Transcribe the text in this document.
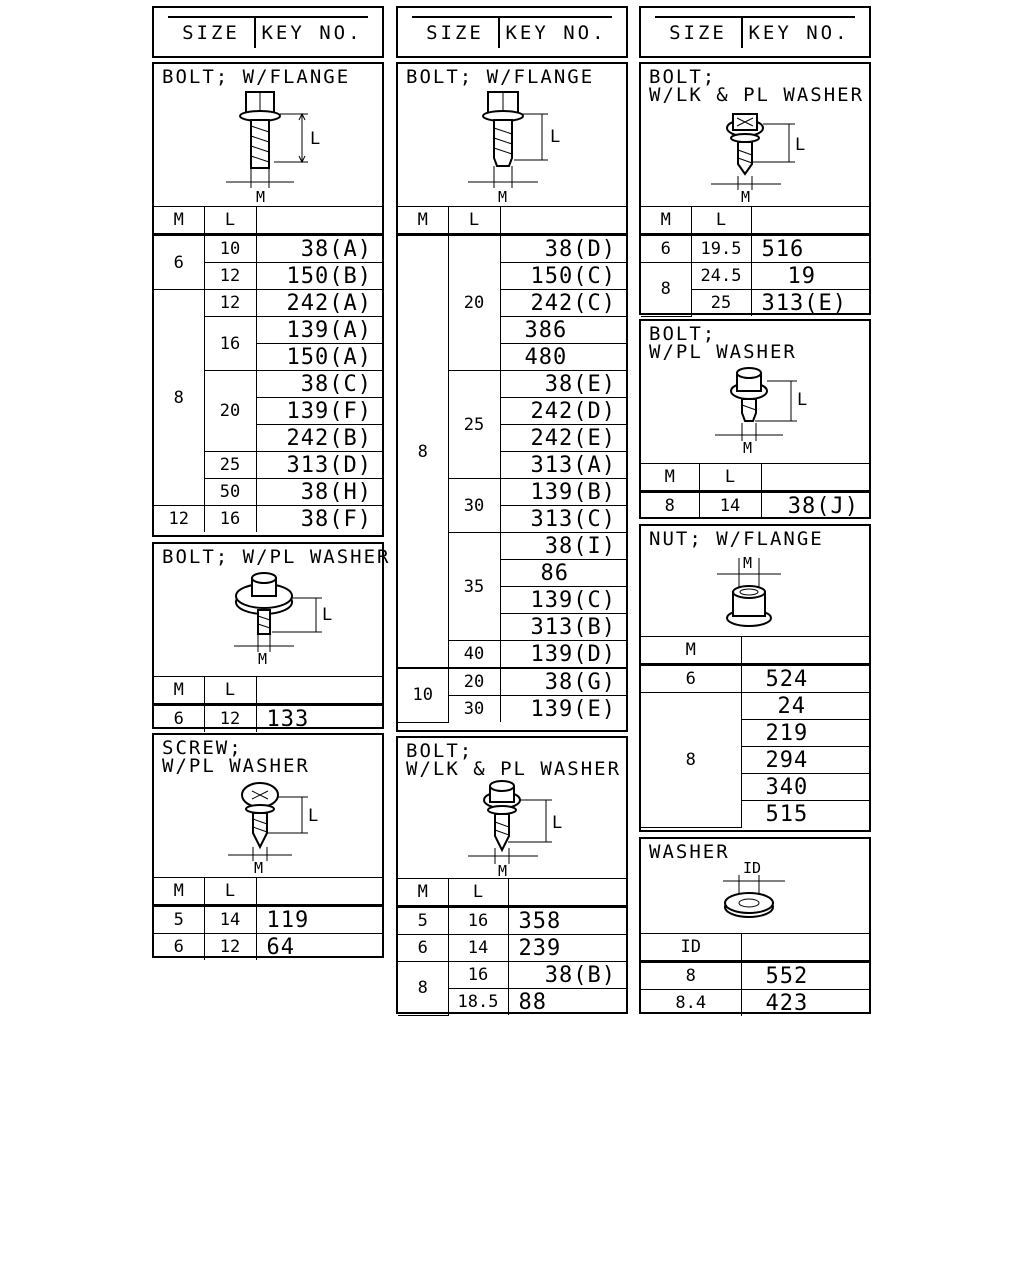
SIZE	KEY NO.
BOLT; W/FLANGE
L
M
M	L	
6	10	38(A)
	12	150(B)
8	12	242(A)
	16	139(A)
		150(A)
	20	38(C)
		139(F)
		242(B)
	25	313(D)
	50	38(H)
12	16	38(F)
BOLT; W/PL WASHER
L
M
M	L	
6	12	133
SCREW;
W/PL WASHER
L
M
M	L	
5	14	119
6	12	64
SIZE	KEY NO.
BOLT; W/FLANGE
L
M
M	L	
8	20	38(D)
		150(C)
		242(C)
		386
		480
	25	38(E)
		242(D)
		242(E)
		313(A)
	30	139(B)
		313(C)
	35	38(I)
		86
		139(C)
		313(B)
	40	139(D)
10	20	38(G)
	30	139(E)
BOLT;
W/LK & PL WASHER
L
M
M	L	
5	16	358
6	14	239
8	16	38(B)
	18.5	88
SIZE	KEY NO.
BOLT;
W/LK & PL WASHER
L
M
M	L	
6	19.5	516
8	24.5	19
	25	313(E)
BOLT;
W/PL WASHER
L
M
M	L	
8	14	38(J)
NUT; W/FLANGE
M
M	
6	524
8	24
	219
	294
	340
	515
WASHER
ID
ID	
8	552
8.4	423
